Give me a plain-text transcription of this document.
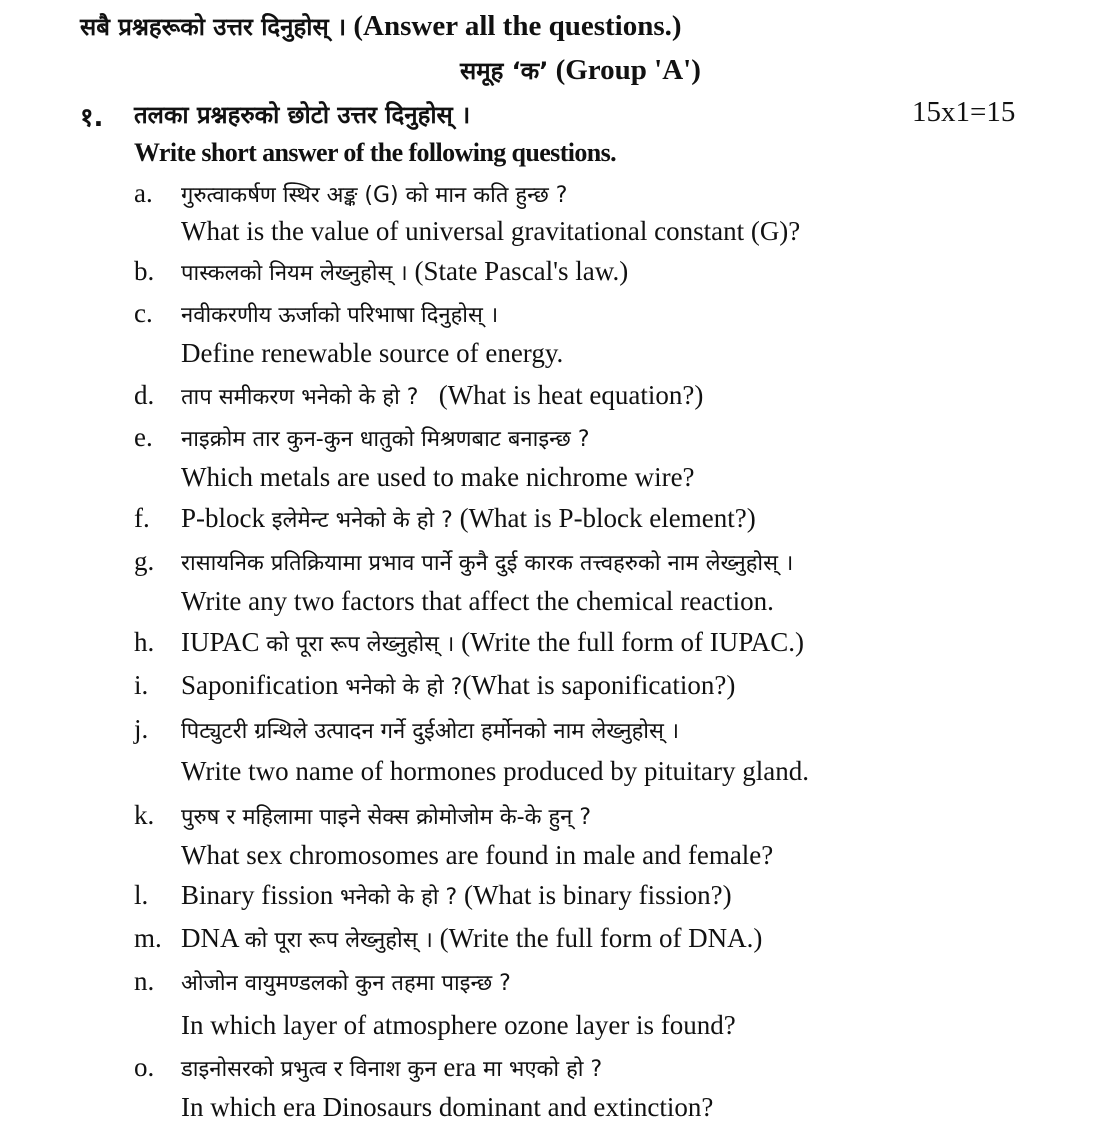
सबै प्रश्नहरूको उत्तर दिनुहोस् । (Answer all the questions.)
समूह ‘क’ (Group 'A')
१. तलका प्रश्नहरुको छोटो उत्तर दिनुहोस् ।	15x1=15
Write short answer of the following questions.
a. गुरुत्वाकर्षण स्थिर अङ्क (G) को मान कति हुन्छ ?
What is the value of universal gravitational constant (G)?
b. पास्कलको नियम लेख्नुहोस् । (State Pascal's law.)
c. नवीकरणीय ऊर्जाको परिभाषा दिनुहोस् ।
Define renewable source of energy.
d. ताप समीकरण भनेको के हो ? (What is heat equation?)
e. नाइक्रोम तार कुन-कुन धातुको मिश्रणबाट बनाइन्छ ?
Which metals are used to make nichrome wire?
f. P-block इलेमेन्ट भनेको के हो ? (What is P-block element?)
g. रासायनिक प्रतिक्रियामा प्रभाव पार्ने कुनै दुई कारक तत्त्वहरुको नाम लेख्नुहोस् ।
Write any two factors that affect the chemical reaction.
h. IUPAC को पूरा रूप लेख्नुहोस् । (Write the full form of IUPAC.)
i. Saponification भनेको के हो ?(What is saponification?)
j. पिट्युटरी ग्रन्थिले उत्पादन गर्ने दुईओटा हर्मोनको नाम लेख्नुहोस् ।
Write two name of hormones produced by pituitary gland.
k. पुरुष र महिलामा पाइने सेक्स क्रोमोजोम के-के हुन् ?
What sex chromosomes are found in male and female?
l. Binary fission भनेको के हो ? (What is binary fission?)
m. DNA को पूरा रूप लेख्नुहोस् । (Write the full form of DNA.)
n. ओजोन वायुमण्डलको कुन तहमा पाइन्छ ?
In which layer of atmosphere ozone layer is found?
o. डाइनोसरको प्रभुत्व र विनाश कुन era मा भएको हो ?
In which era Dinosaurs dominant and extinction?
